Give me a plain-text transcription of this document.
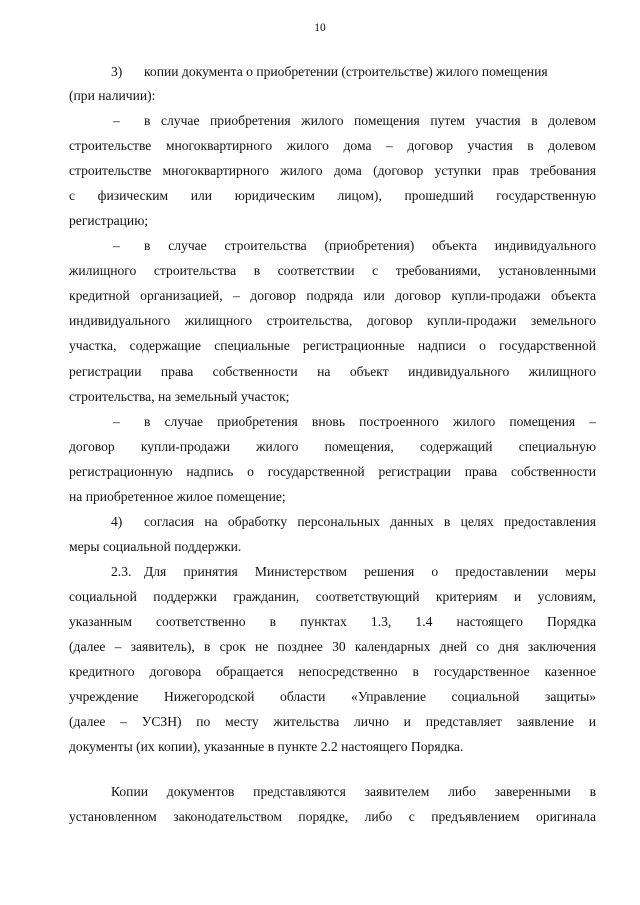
10
3) копии документа о приобретении (строительстве) жилого помещения
(при наличии):
– в случае приобретения жилого помещения путем участия в долевом
строительстве многоквартирного жилого дома – договор участия в долевом
строительстве многоквартирного жилого дома (договор уступки прав требования
с физическим или юридическим лицом), прошедший государственную
регистрацию;
– в случае строительства (приобретения) объекта индивидуального
жилищного строительства в соответствии с требованиями, установленными
кредитной организацией, – договор подряда или договор купли-продажи объекта
индивидуального жилищного строительства, договор купли-продажи земельного
участка, содержащие специальные регистрационные надписи о государственной
регистрации права собственности на объект индивидуального жилищного
строительства, на земельный участок;
– в случае приобретения вновь построенного жилого помещения –
договор купли-продажи жилого помещения, содержащий специальную
регистрационную надпись о государственной регистрации права собственности
на приобретенное жилое помещение;
4) согласия на обработку персональных данных в целях предоставления
меры социальной поддержки.
2.3. Для принятия Министерством решения о предоставлении меры
социальной поддержки гражданин, соответствующий критериям и условиям,
указанным соответственно в пунктах 1.3, 1.4 настоящего Порядка
(далее – заявитель), в срок не позднее 30 календарных дней со дня заключения
кредитного договора обращается непосредственно в государственное казенное
учреждение Нижегородской области «Управление социальной защиты»
(далее – УСЗН) по месту жительства лично и представляет заявление и
документы (их копии), указанные в пункте 2.2 настоящего Порядка.
Копии документов представляются заявителем либо заверенными в
установленном законодательством порядке, либо с предъявлением оригинала
